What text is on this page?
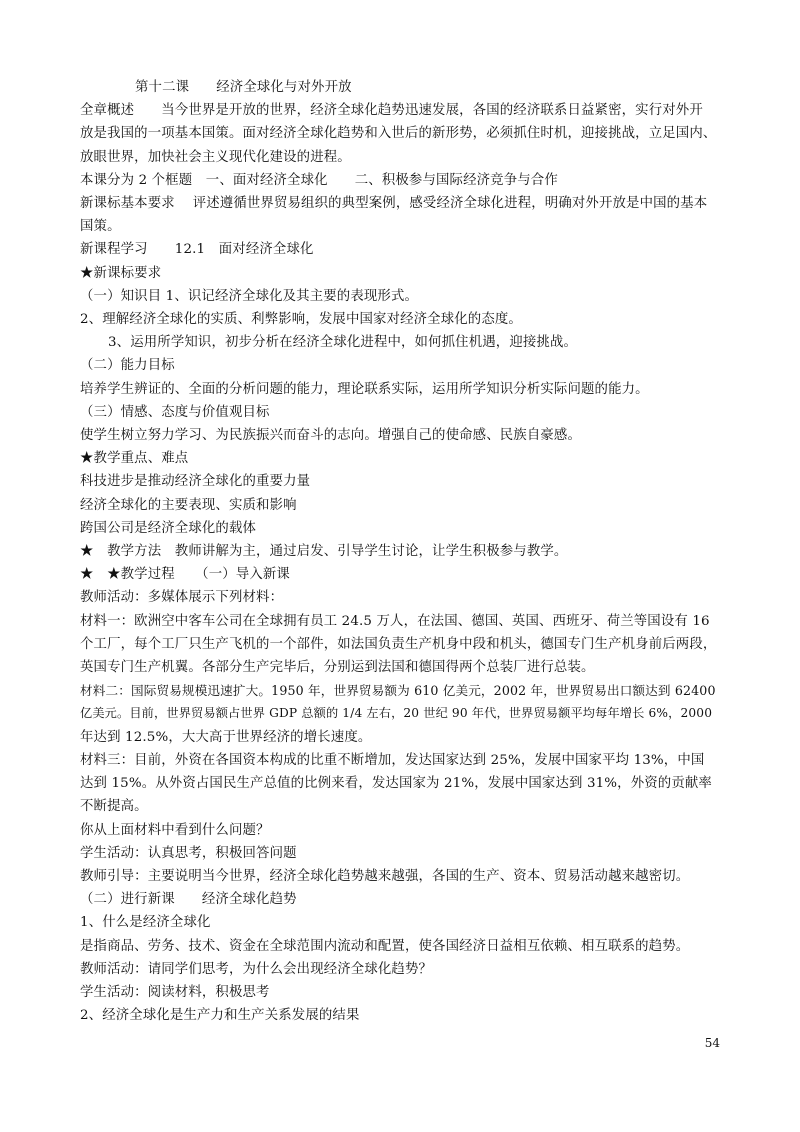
第十二课　　经济全球化与对外开放
全章概述　　当今世界是开放的世界，经济全球化趋势迅速发展，各国的经济联系日益紧密，实行对外开
放是我国的一项基本国策。面对经济全球化趋势和入世后的新形势，必须抓住时机，迎接挑战，立足国内、
放眼世界，加快社会主义现代化建设的进程。
本课分为 2 个框题　一、面对经济全球化　　二、积极参与国际经济竞争与合作
新课标基本要求　 评述遵循世界贸易组织的典型案例，感受经济全球化进程，明确对外开放是中国的基本
国策。
新课程学习　　12.1　面对经济全球化
★新课标要求
（一）知识目 1、识记经济全球化及其主要的表现形式。
2、理解经济全球化的实质、利弊影响，发展中国家对经济全球化的态度。
3、运用所学知识，初步分析在经济全球化进程中，如何抓住机遇，迎接挑战。
（二）能力目标
培养学生辨证的、全面的分析问题的能力，理论联系实际，运用所学知识分析实际问题的能力。
（三）情感、态度与价值观目标
使学生树立努力学习、为民族振兴而奋斗的志向。增强自己的使命感、民族自豪感。
★教学重点、难点
科技进步是推动经济全球化的重要力量
经济全球化的主要表现、实质和影响
跨国公司是经济全球化的载体
★　教学方法　教师讲解为主，通过启发、引导学生讨论，让学生积极参与教学。
★　★教学过程　　（一）导入新课
教师活动：多媒体展示下列材料：
材料一：欧洲空中客车公司在全球拥有员工 24.5 万人，在法国、德国、英国、西班牙、荷兰等国设有 16
个工厂，每个工厂只生产飞机的一个部件，如法国负责生产机身中段和机头，德国专门生产机身前后两段，
英国专门生产机翼。各部分生产完毕后，分别运到法国和德国得两个总装厂进行总装。
材料二：国际贸易规模迅速扩大。1950 年，世界贸易额为 610 亿美元，2002 年，世界贸易出口额达到 62400
亿美元。目前，世界贸易额占世界 GDP 总额的 1/4 左右，20 世纪 90 年代，世界贸易额平均每年增长 6%，2000
年达到 12.5%，大大高于世界经济的增长速度。
材料三：目前，外资在各国资本构成的比重不断增加，发达国家达到 25%，发展中国家平均 13%，中国
达到 15%。从外资占国民生产总值的比例来看，发达国家为 21%，发展中国家达到 31%，外资的贡献率
不断提高。
你从上面材料中看到什么问题？
学生活动：认真思考，积极回答问题
教师引导：主要说明当今世界，经济全球化趋势越来越强，各国的生产、资本、贸易活动越来越密切。
（二）进行新课　　经济全球化趋势
1、什么是经济全球化
是指商品、劳务、技术、资金在全球范围内流动和配置，使各国经济日益相互依赖、相互联系的趋势。
教师活动：请同学们思考，为什么会出现经济全球化趋势？
学生活动：阅读材料，积极思考
2、经济全球化是生产力和生产关系发展的结果
54
